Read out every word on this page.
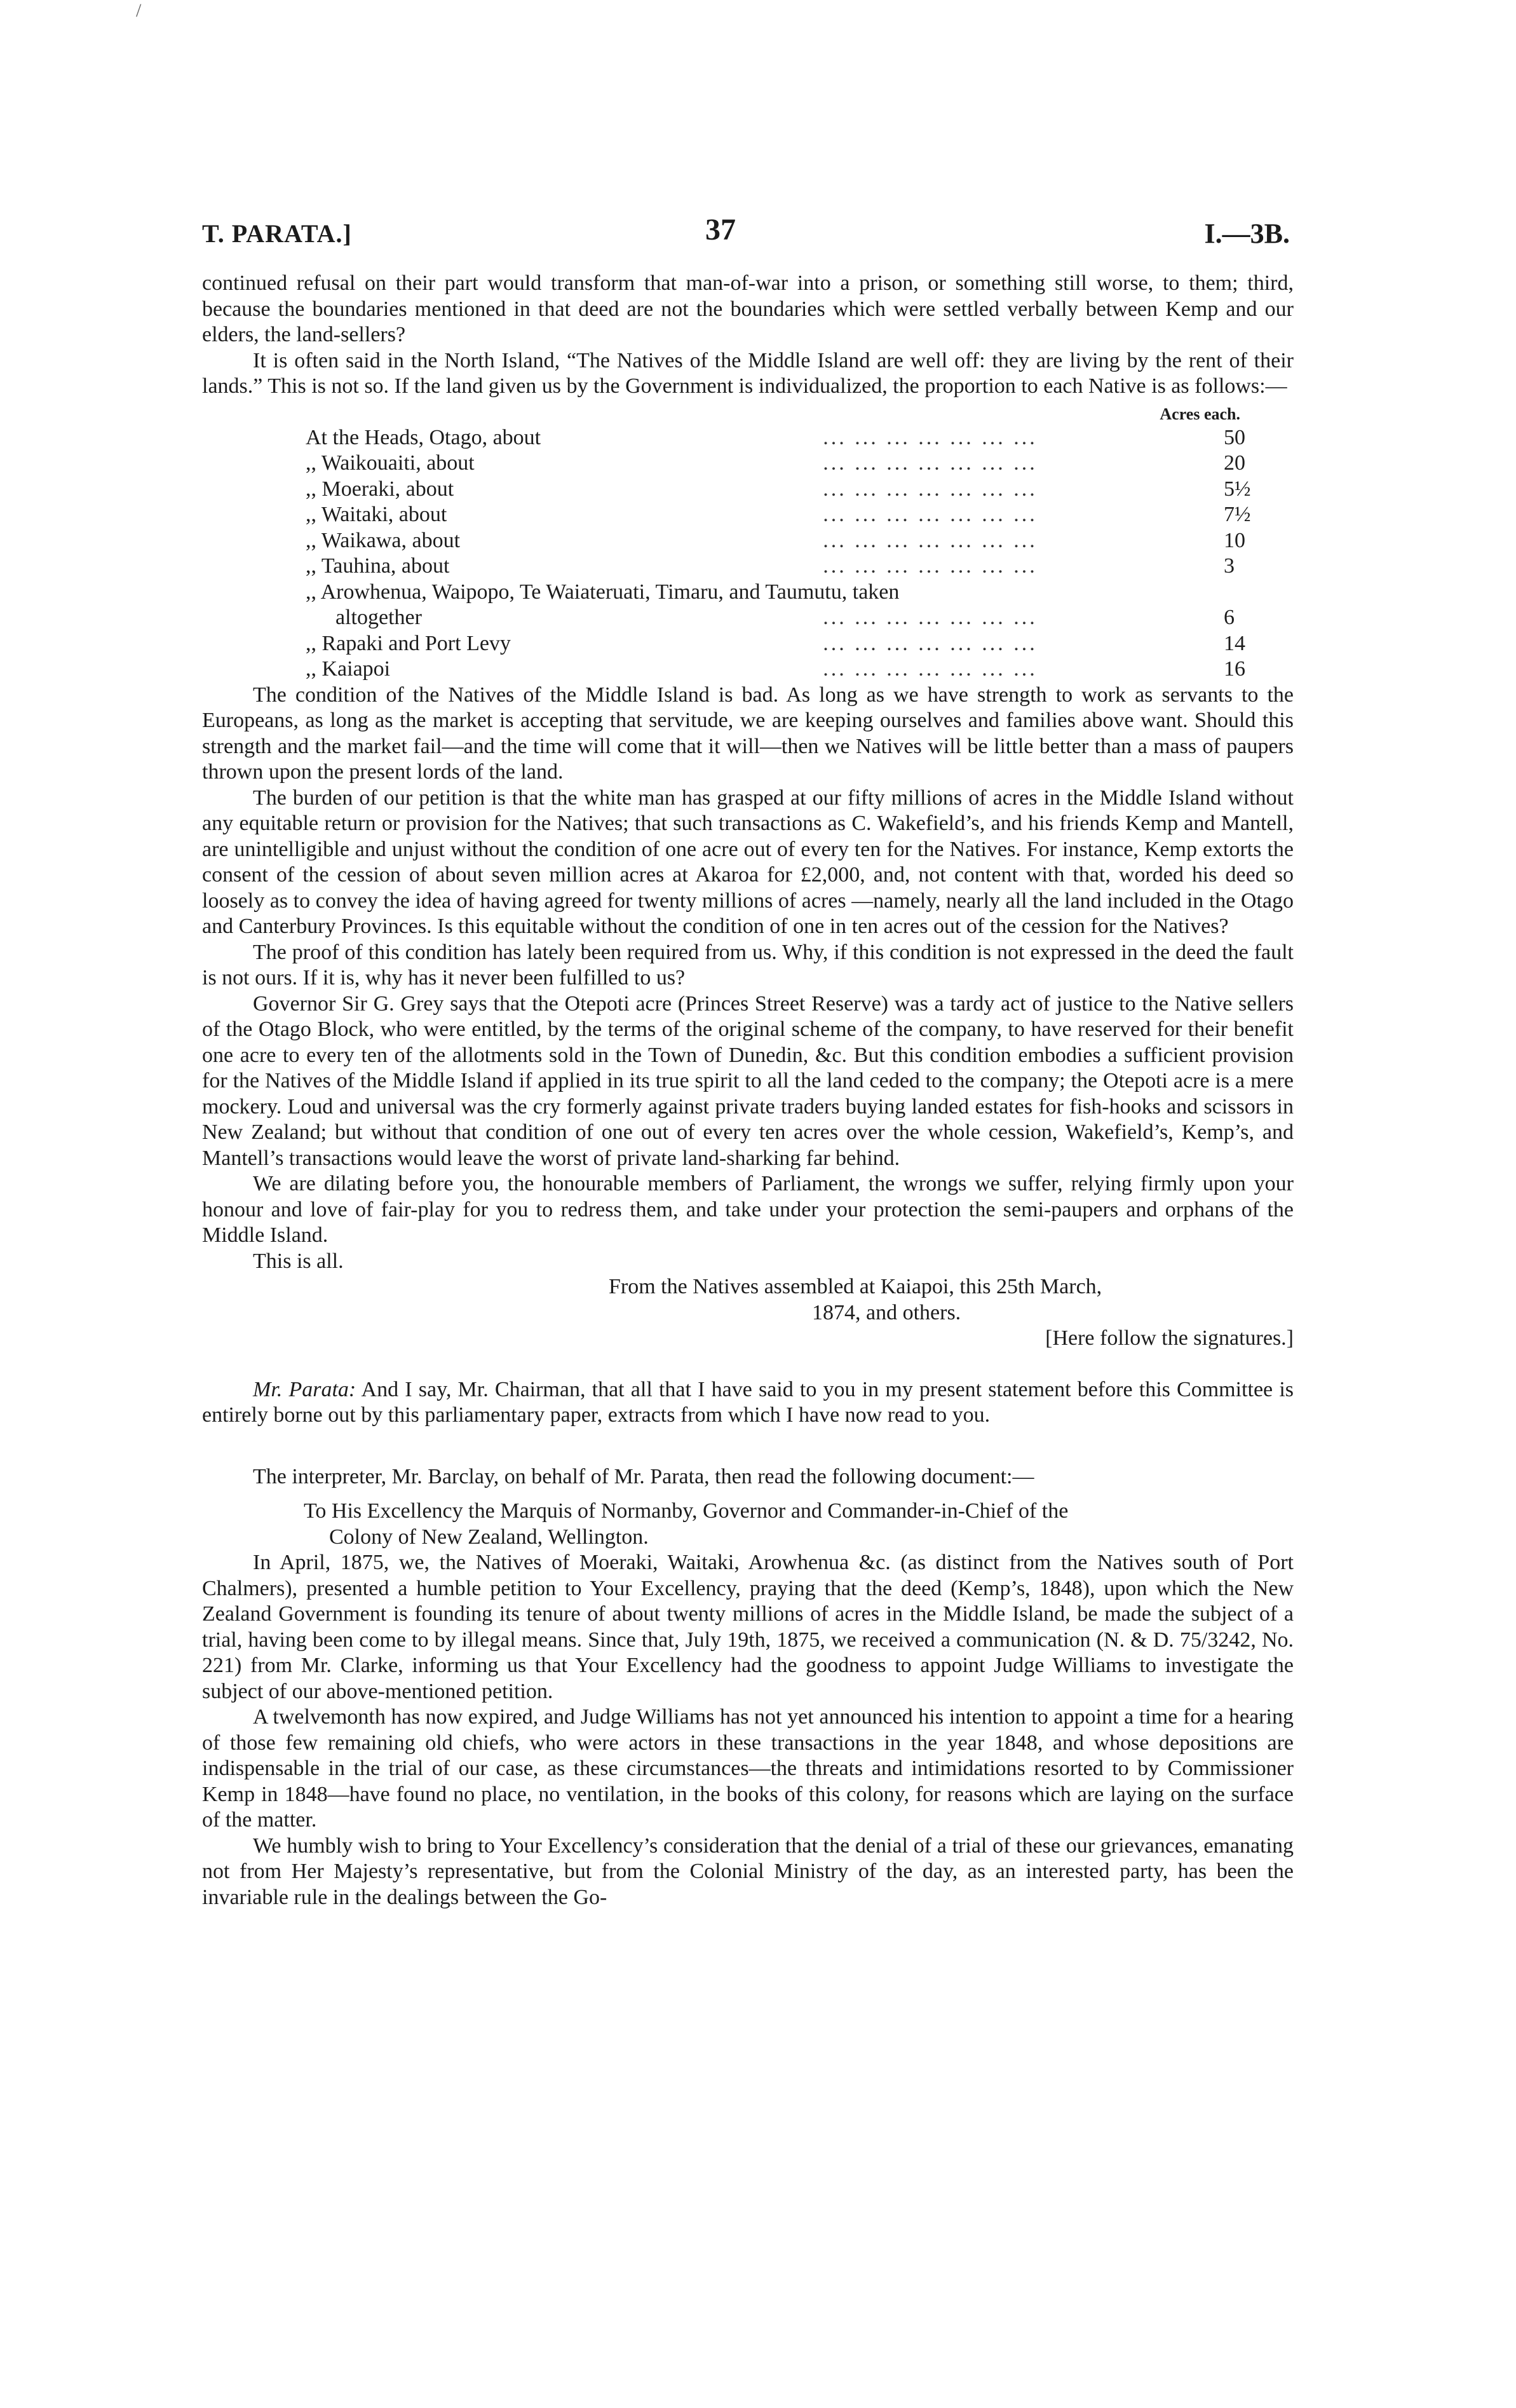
/
T. PARATA.]	37	I.—3B.

continued refusal on their part would transform that man-of-war into a prison, or something still worse, to them; third, because the boundaries mentioned in that deed are not the boundaries which were settled verbally between Kemp and our elders, the land-sellers?

It is often said in the North Island, “The Natives of the Middle Island are well off: they are living by the rent of their lands.” This is not so. If the land given us by the Government is individualized, the proportion to each Native is as follows:—

Acres each.
At the Heads, Otago, about	... ... ... ... ... ... ...	50
,, Waikouaiti, about	... ... ... ... ... ... ...	20
,, Moeraki, about	... ... ... ... ... ... ...	5½
,, Waitaki, about	... ... ... ... ... ... ...	7½
,, Waikawa, about	... ... ... ... ... ... ...	10
,, Tauhina, about	... ... ... ... ... ... ...	3
,, Arowhenua, Waipopo, Te Waiateruati, Timaru, and Taumutu, taken		
altogether	... ... ... ... ... ... ...	6
,, Rapaki and Port Levy	... ... ... ... ... ... ...	14
,, Kaiapoi	... ... ... ... ... ... ...	16

The condition of the Natives of the Middle Island is bad. As long as we have strength to work as servants to the Europeans, as long as the market is accepting that servitude, we are keeping ourselves and families above want. Should this strength and the market fail—and the time will come that it will—then we Natives will be little better than a mass of paupers thrown upon the present lords of the land.

The burden of our petition is that the white man has grasped at our fifty millions of acres in the Middle Island without any equitable return or provision for the Natives; that such transactions as C. Wakefield’s, and his friends Kemp and Mantell, are unintelligible and unjust without the condition of one acre out of every ten for the Natives. For instance, Kemp extorts the consent of the cession of about seven million acres at Akaroa for £2,000, and, not content with that, worded his deed so loosely as to convey the idea of having agreed for twenty millions of acres —namely, nearly all the land included in the Otago and Canterbury Provinces. Is this equitable without the condition of one in ten acres out of the cession for the Natives?

The proof of this condition has lately been required from us. Why, if this condition is not expressed in the deed the fault is not ours. If it is, why has it never been fulfilled to us?

Governor Sir G. Grey says that the Otepoti acre (Princes Street Reserve) was a tardy act of justice to the Native sellers of the Otago Block, who were entitled, by the terms of the original scheme of the company, to have reserved for their benefit one acre to every ten of the allotments sold in the Town of Dunedin, &c. But this condition embodies a sufficient provision for the Natives of the Middle Island if applied in its true spirit to all the land ceded to the company; the Otepoti acre is a mere mockery. Loud and universal was the cry formerly against private traders buying landed estates for fish-hooks and scissors in New Zealand; but without that condition of one out of every ten acres over the whole cession, Wakefield’s, Kemp’s, and Mantell’s transactions would leave the worst of private land-sharking far behind.

We are dilating before you, the honourable members of Parliament, the wrongs we suffer, relying firmly upon your honour and love of fair-play for you to redress them, and take under your protection the semi-paupers and orphans of the Middle Island.

This is all.

From the Natives assembled at Kaiapoi, this 25th March,

1874, and others.

[Here follow the signatures.]

Mr. Parata: And I say, Mr. Chairman, that all that I have said to you in my present statement before this Committee is entirely borne out by this parliamentary paper, extracts from which I have now read to you.

The interpreter, Mr. Barclay, on behalf of Mr. Parata, then read the following document:—

To His Excellency the Marquis of Normanby, Governor and Commander-in-Chief of the

Colony of New Zealand, Wellington.

In April, 1875, we, the Natives of Moeraki, Waitaki, Arowhenua &c. (as distinct from the Natives south of Port Chalmers), presented a humble petition to Your Excellency, praying that the deed (Kemp’s, 1848), upon which the New Zealand Government is founding its tenure of about twenty millions of acres in the Middle Island, be made the subject of a trial, having been come to by illegal means. Since that, July 19th, 1875, we received a communication (N. & D. 75/3242, No. 221) from Mr. Clarke, informing us that Your Excellency had the goodness to appoint Judge Williams to investigate the subject of our above-mentioned petition.

A twelvemonth has now expired, and Judge Williams has not yet announced his intention to appoint a time for a hearing of those few remaining old chiefs, who were actors in these transactions in the year 1848, and whose depositions are indispensable in the trial of our case, as these circumstances—the threats and intimidations resorted to by Commissioner Kemp in 1848—have found no place, no ventilation, in the books of this colony, for reasons which are laying on the surface of the matter.

We humbly wish to bring to Your Excellency’s consideration that the denial of a trial of these our grievances, emanating not from Her Majesty’s representative, but from the Colonial Ministry of the day, as an interested party, has been the invariable rule in the dealings between the Go-
